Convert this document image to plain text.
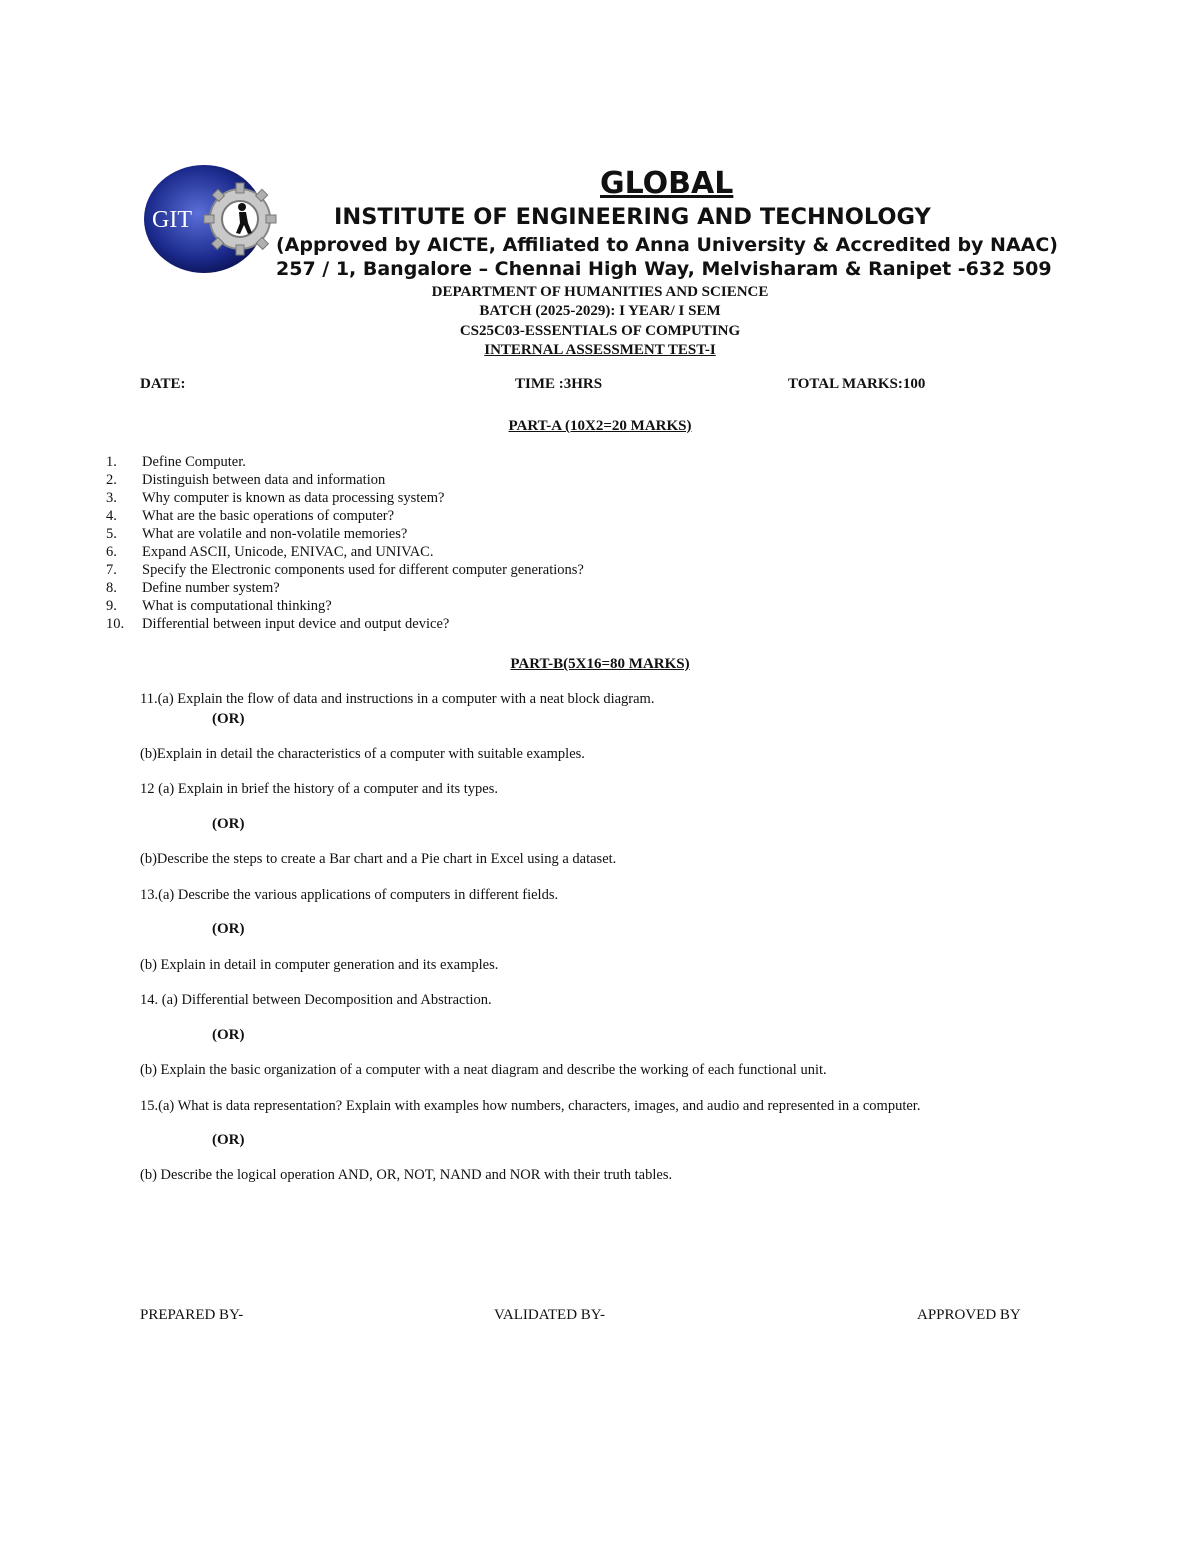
GIT
GLOBAL
INSTITUTE OF ENGINEERING AND TECHNOLOGY
(Approved by AICTE, Affiliated to Anna University & Accredited by NAAC)
257 / 1, Bangalore – Chennai High Way, Melvisharam & Ranipet -632 509
DEPARTMENT OF HUMANITIES AND SCIENCE
BATCH (2025-2029): I YEAR/ I SEM
CS25C03-ESSENTIALS OF COMPUTING
INTERNAL ASSESSMENT TEST-I
DATE:	TIME :3HRS	TOTAL MARKS:100
PART-A (10X2=20 MARKS)
1. Define Computer.
2. Distinguish between data and information
3. Why computer is known as data processing system?
4. What are the basic operations of computer?
5. What are volatile and non-volatile memories?
6. Expand ASCII, Unicode, ENIVAC, and UNIVAC.
7. Specify the Electronic components used for different computer generations?
8. Define number system?
9. What is computational thinking?
10. Differential between input device and output device?
PART-B(5X16=80 MARKS)
11.(a) Explain the flow of data and instructions in a computer with a neat block diagram.
(OR)
(b)Explain in detail the characteristics of a computer with suitable examples.
12 (a) Explain in brief the history of a computer and its types.
(OR)
(b)Describe the steps to create a Bar chart and a Pie chart in Excel using a dataset.
13.(a) Describe the various applications of computers in different fields.
(OR)
(b) Explain in detail in computer generation and its examples.
14. (a) Differential between Decomposition and Abstraction.
(OR)
(b) Explain the basic organization of a computer with a neat diagram and describe the working of each functional unit.
15.(a) What is data representation? Explain with examples how numbers, characters, images, and audio and represented in a computer.
(OR)
(b) Describe the logical operation AND, OR, NOT, NAND and NOR with their truth tables.
PREPARED BY-	VALIDATED BY-	APPROVED BY
